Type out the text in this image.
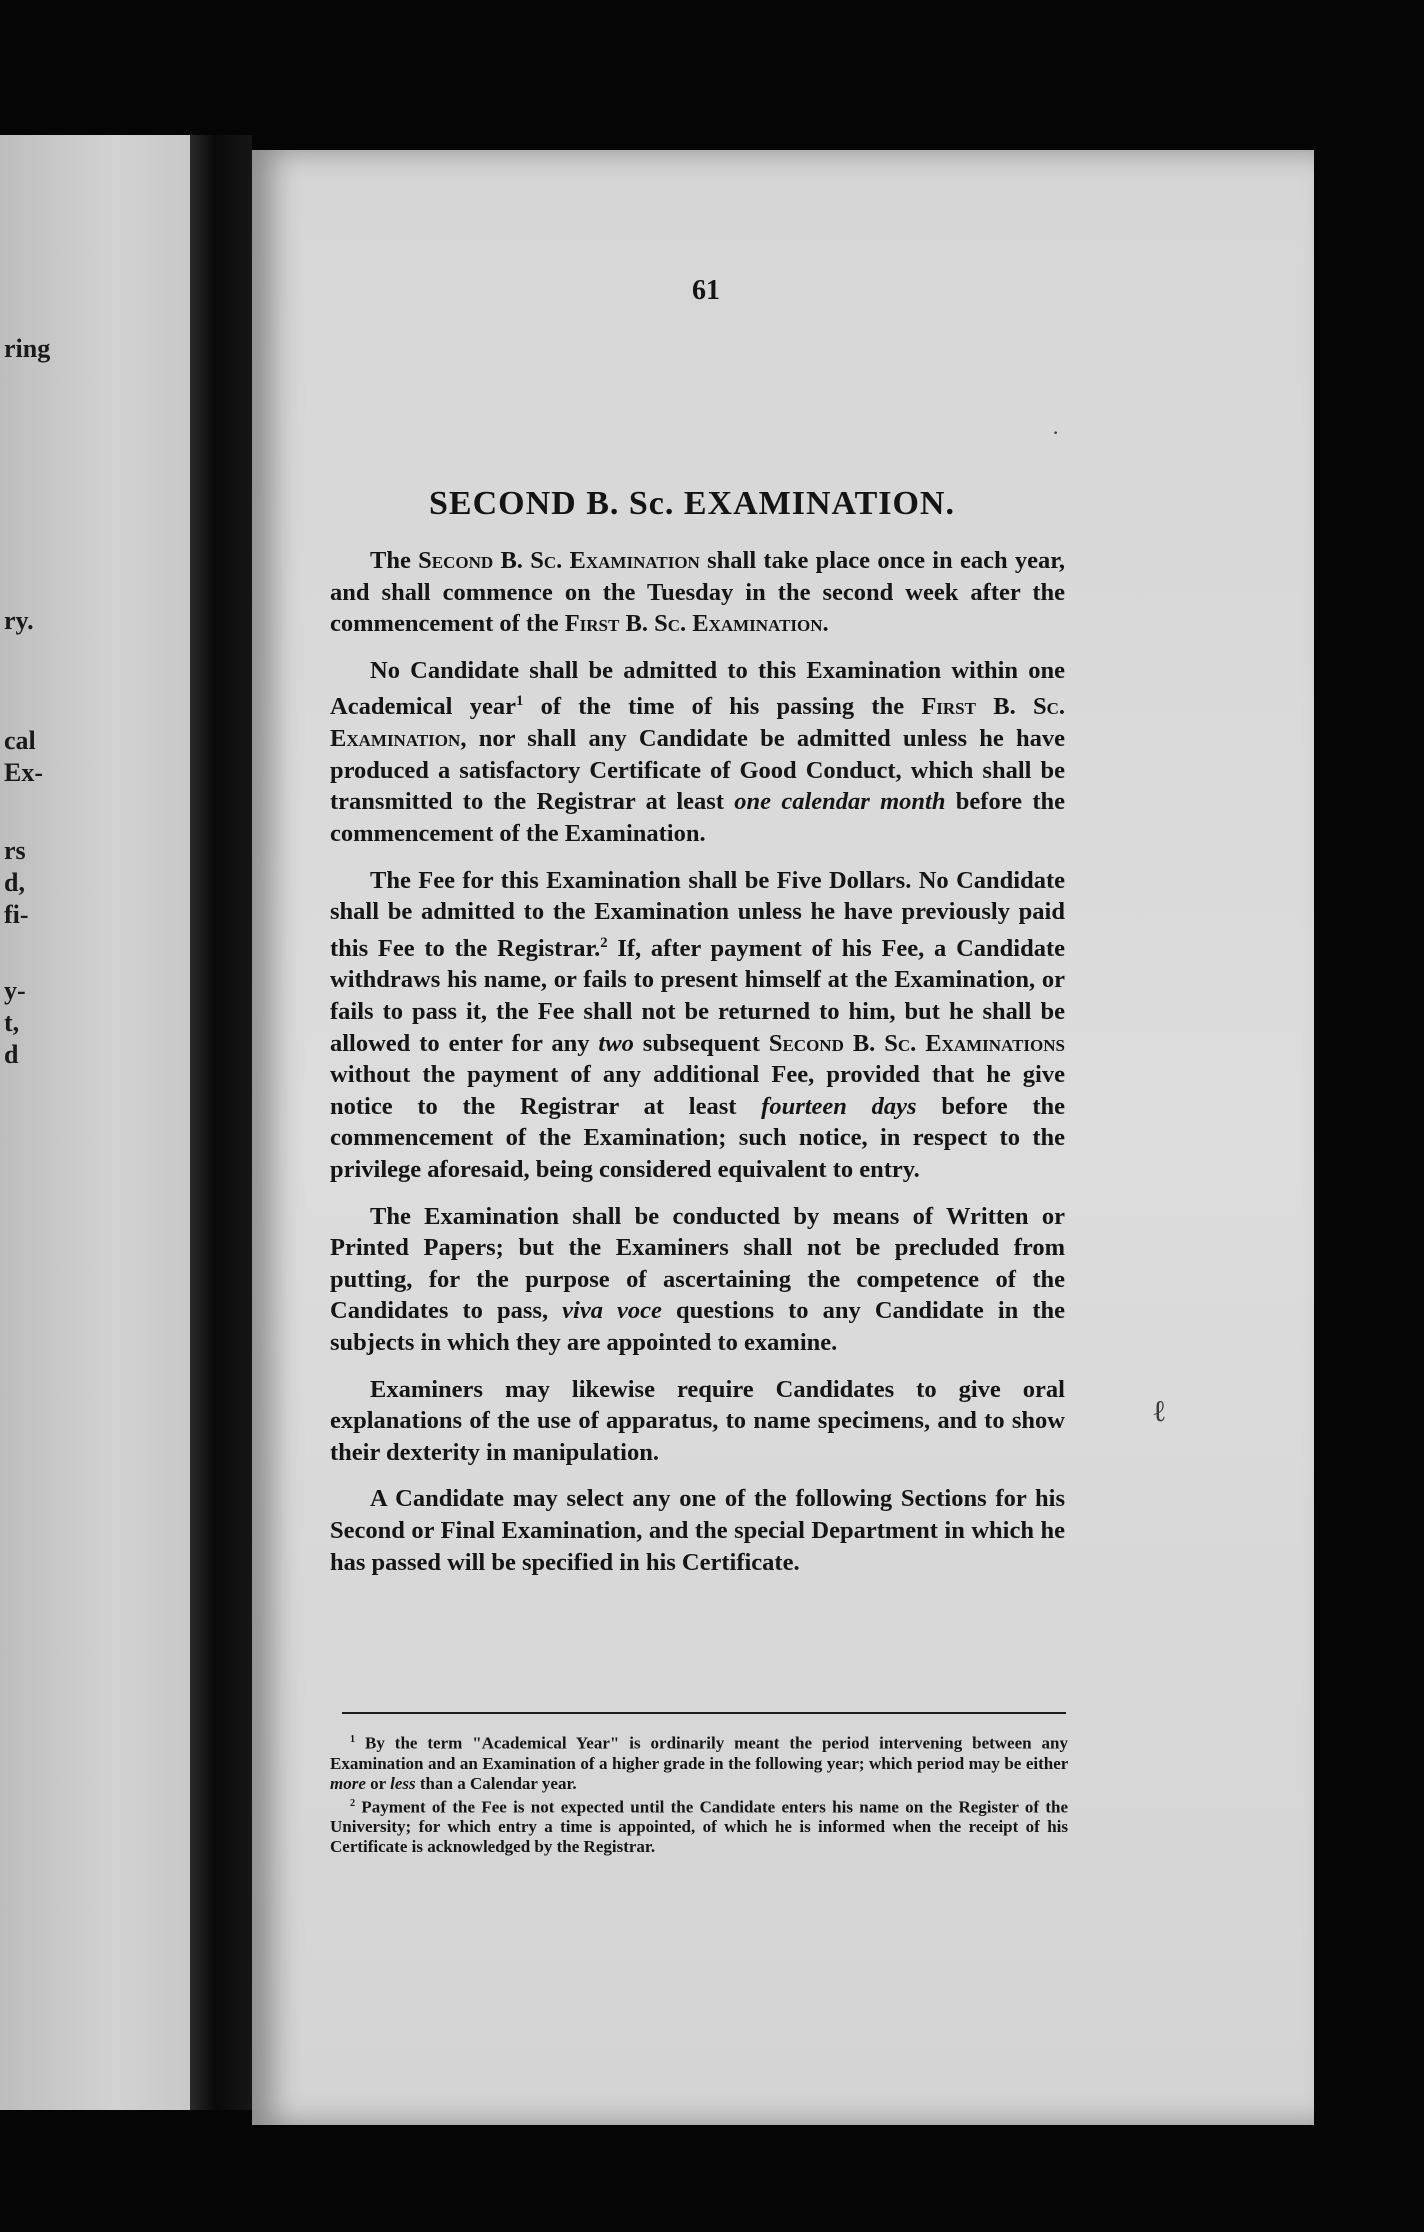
ring
ry.
cal
Ex-
rs
d,
fi-
y-
t,
d
61
SECOND B. Sc. EXAMINATION.

The Second B. Sc. Examination shall take place once in each year, and shall commence on the Tuesday in the second week after the commencement of the First B. Sc. Examination.

No Candidate shall be admitted to this Examination within one Academical year$^1$ of the time of his passing the First B. Sc. Examination, nor shall any Candidate be admitted unless he have produced a satisfactory Certificate of Good Conduct, which shall be transmitted to the Registrar at least one calendar month before the commencement of the Examination.

The Fee for this Examination shall be Five Dollars. No Candidate shall be admitted to the Examination unless he have previously paid this Fee to the Registrar.$^2$ If, after payment of his Fee, a Candidate withdraws his name, or fails to present himself at the Examination, or fails to pass it, the Fee shall not be returned to him, but he shall be allowed to enter for any two subsequent Second B. Sc. Examinations without the payment of any additional Fee, provided that he give notice to the Registrar at least fourteen days before the commencement of the Examination; such notice, in respect to the privilege aforesaid, being considered equivalent to entry.

The Examination shall be conducted by means of Written or Printed Papers; but the Examiners shall not be precluded from putting, for the purpose of ascertaining the competence of the Candidates to pass, viva voce questions to any Candidate in the subjects in which they are appointed to examine.

Examiners may likewise require Candidates to give oral explanations of the use of apparatus, to name specimens, and to show their dexterity in manipulation.

A Candidate may select any one of the following Sections for his Second or Final Examination, and the special Department in which he has passed will be specified in his Certificate.

$^1$ By the term "Academical Year" is ordinarily meant the period intervening between any Examination and an Examination of a higher grade in the following year; which period may be either more or less than a Calendar year.

$^2$ Payment of the Fee is not expected until the Candidate enters his name on the Register of the University; for which entry a time is appointed, of which he is informed when the receipt of his Certificate is acknowledged by the Registrar.

ℓ
·
